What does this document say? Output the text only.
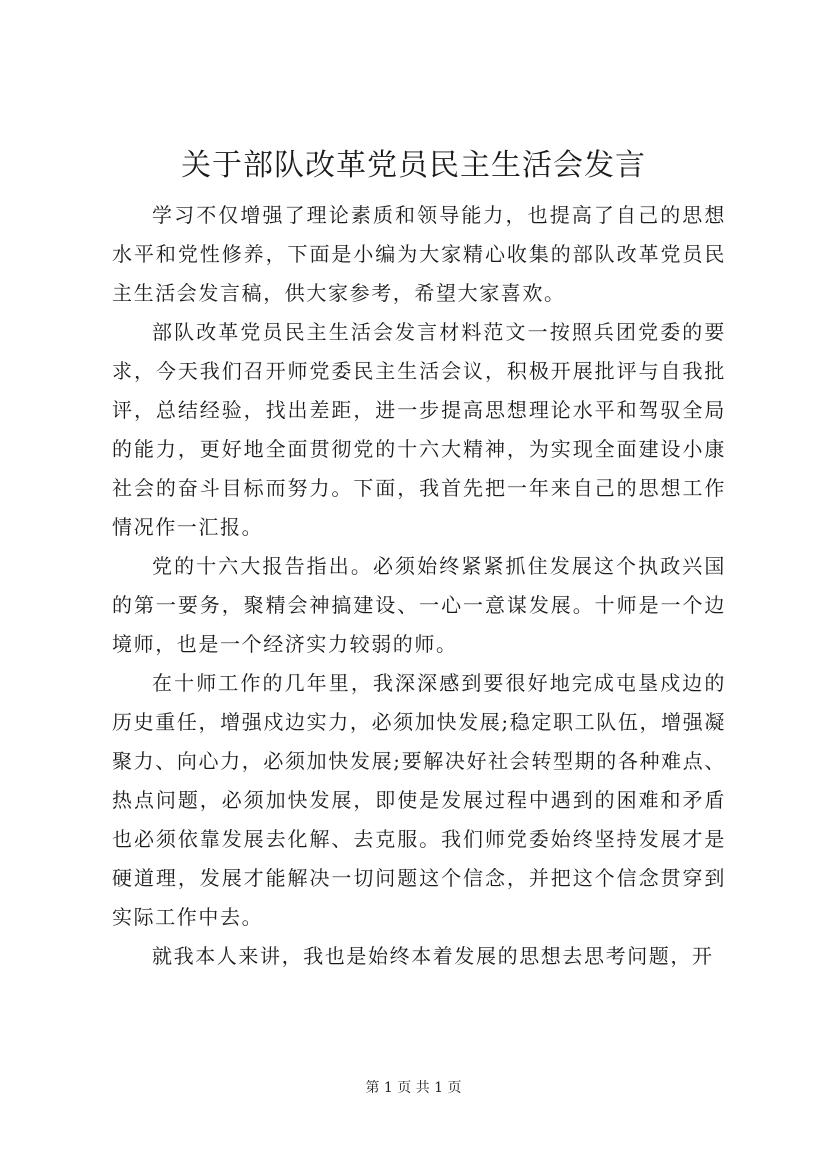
关于部队改革党员民主生活会发言

学习不仅增强了理论素质和领导能力，也提高了自己的思想水平和党性修养，下面是小编为大家精心收集的部队改革党员民主生活会发言稿，供大家参考，希望大家喜欢。

部队改革党员民主生活会发言材料范文一按照兵团党委的要求，今天我们召开师党委民主生活会议，积极开展批评与自我批评，总结经验，找出差距，进一步提高思想理论水平和驾驭全局的能力，更好地全面贯彻党的十六大精神，为实现全面建设小康社会的奋斗目标而努力。下面，我首先把一年来自己的思想工作情况作一汇报。

党的十六大报告指出。必须始终紧紧抓住发展这个执政兴国的第一要务，聚精会神搞建设、一心一意谋发展。十师是一个边境师，也是一个经济实力较弱的师。

在十师工作的几年里，我深深感到要很好地完成屯垦戍边的历史重任，增强戍边实力，必须加快发展;稳定职工队伍，增强凝聚力、向心力，必须加快发展;要解决好社会转型期的各种难点、热点问题，必须加快发展，即使是发展过程中遇到的困难和矛盾也必须依靠发展去化解、去克服。我们师党委始终坚持发展才是硬道理，发展才能解决一切问题这个信念，并把这个信念贯穿到实际工作中去。

就我本人来讲，我也是始终本着发展的思想去思考问题，开

第 1 页 共 1 页
